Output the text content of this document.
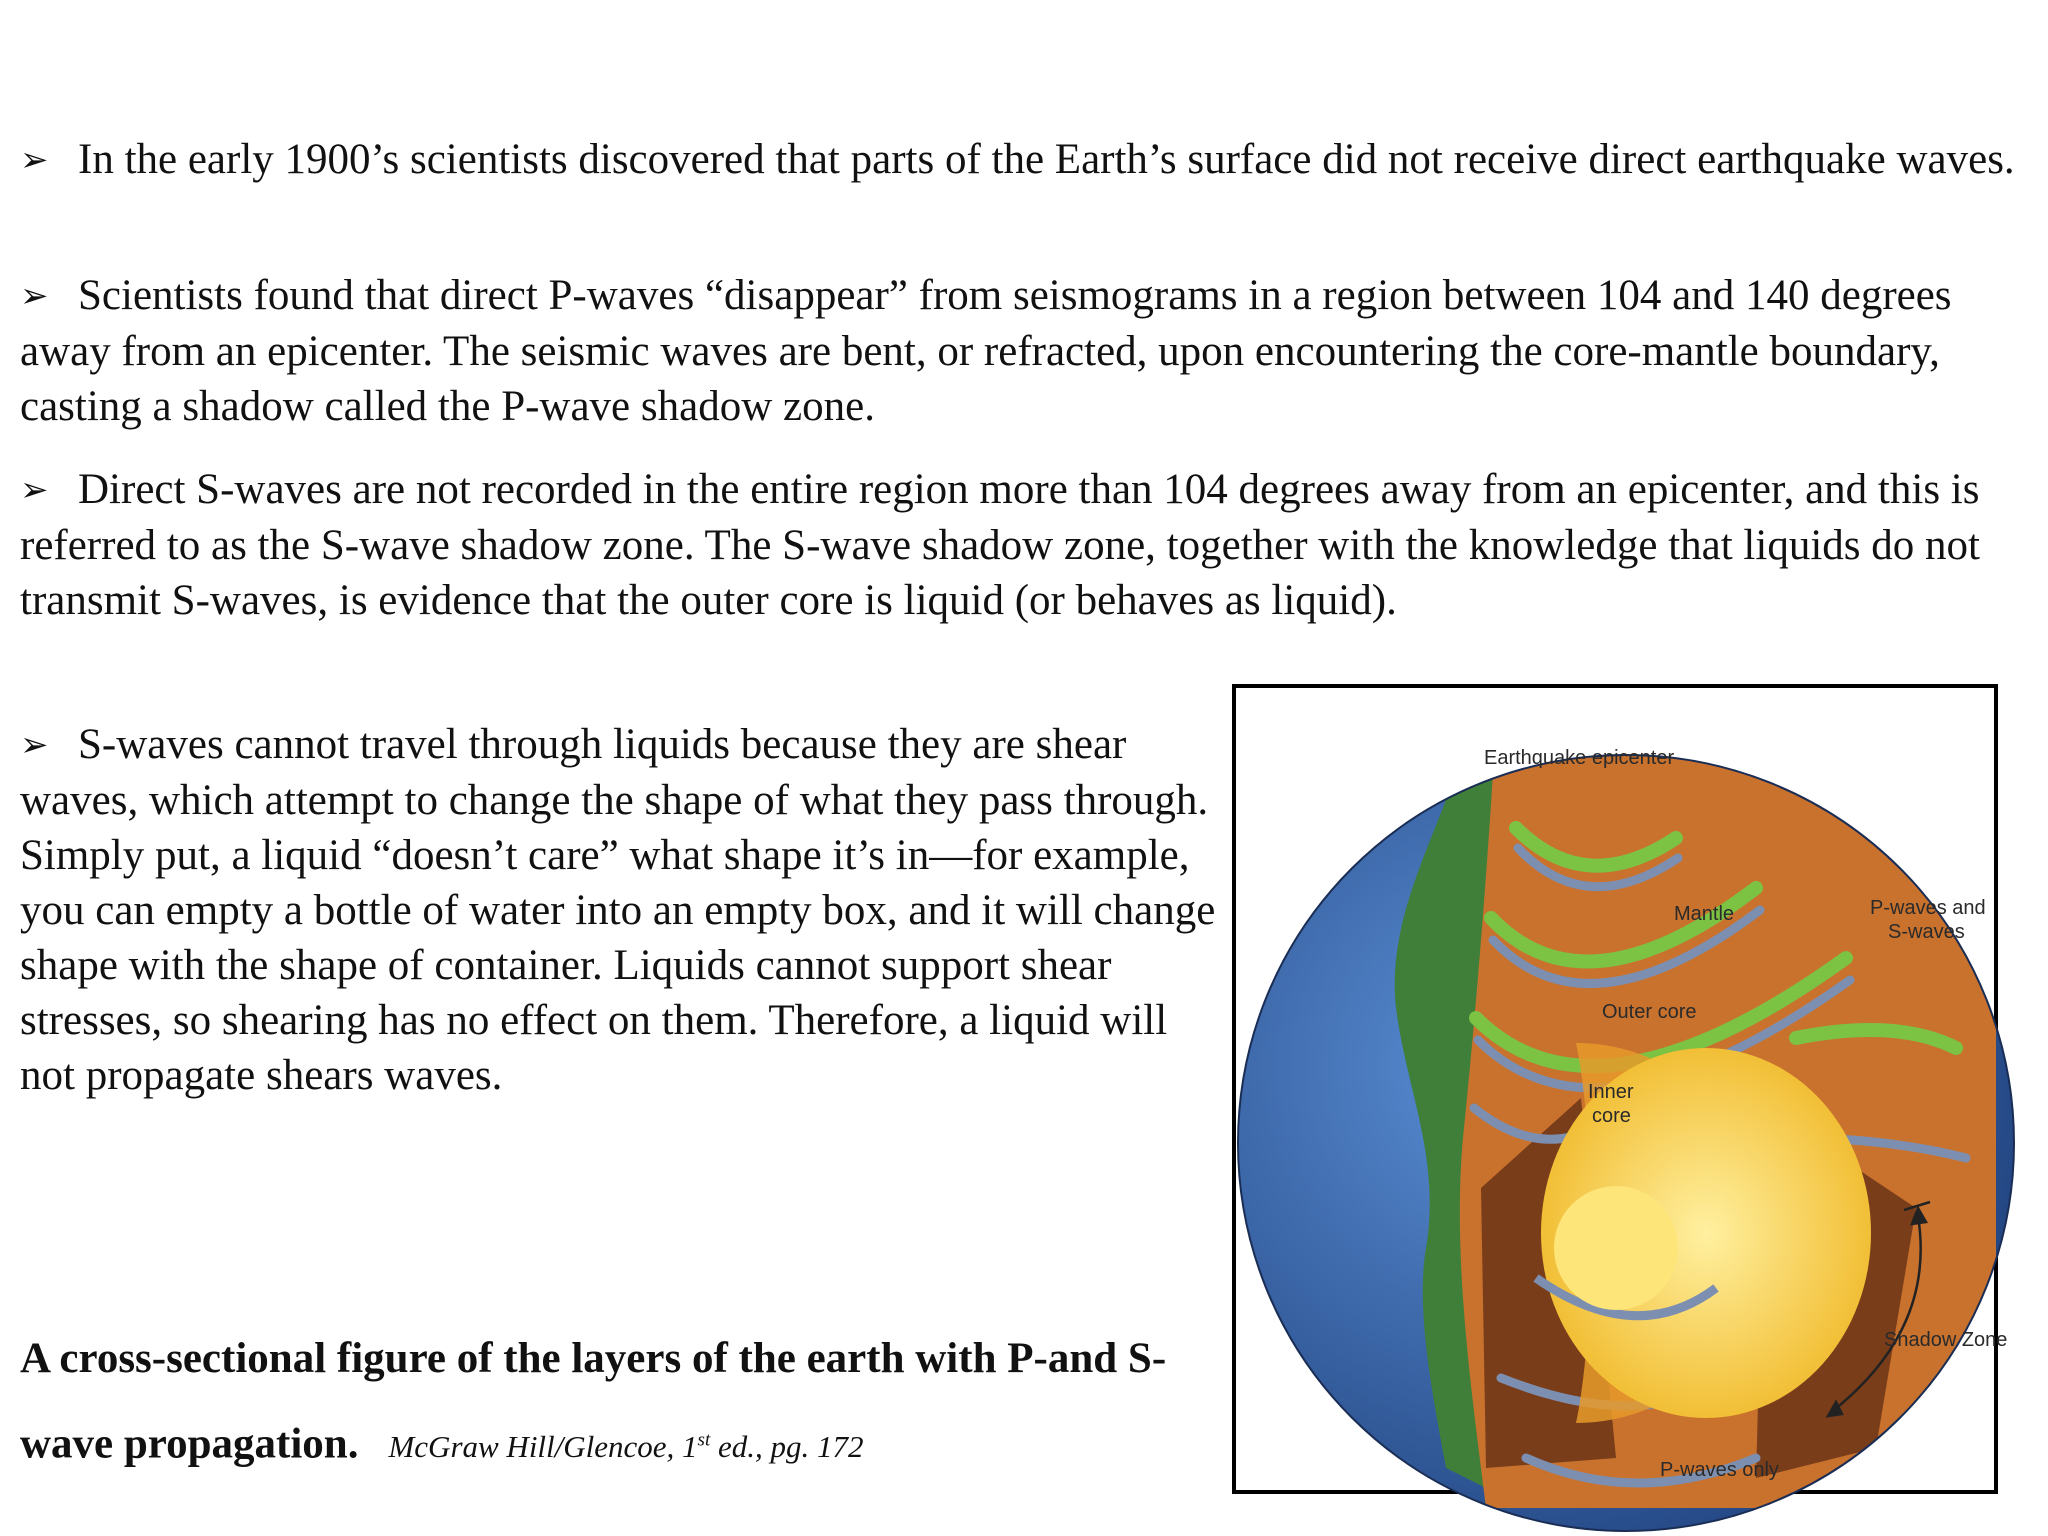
➢ In the early 1900’s scientists discovered that parts of the Earth’s surface did not receive direct earthquake waves.

➢ Scientists found that direct P-waves “disappear” from seismograms in a region between 104 and 140 degrees away from an epicenter. The seismic waves are bent, or refracted, upon encountering the core-mantle boundary, casting a shadow called the P-wave shadow zone.

➢ Direct S-waves are not recorded in the entire region more than 104 degrees away from an epicenter, and this is referred to as the S-wave shadow zone. The S-wave shadow zone, together with the knowledge that liquids do not transmit S-waves, is evidence that the outer core is liquid (or behaves as liquid).

➢ S-waves cannot travel through liquids because they are shear waves, which attempt to change the shape of what they pass through. Simply put, a liquid “doesn’t care” what shape it’s in—for example, you can empty a bottle of water into an empty box, and it will change shape with the shape of container. Liquids cannot support shear stresses, so shearing has no effect on them. Therefore, a liquid will not propagate shears waves.

A cross-sectional figure of the layers of the earth with P-and S-wave propagation. McGraw Hill/Glencoe, 1st ed., pg. 172
Earthquake epicenter
Mantle
Outer core
Inner
core
P-waves and
S-waves
Shadow Zone
P-waves only
